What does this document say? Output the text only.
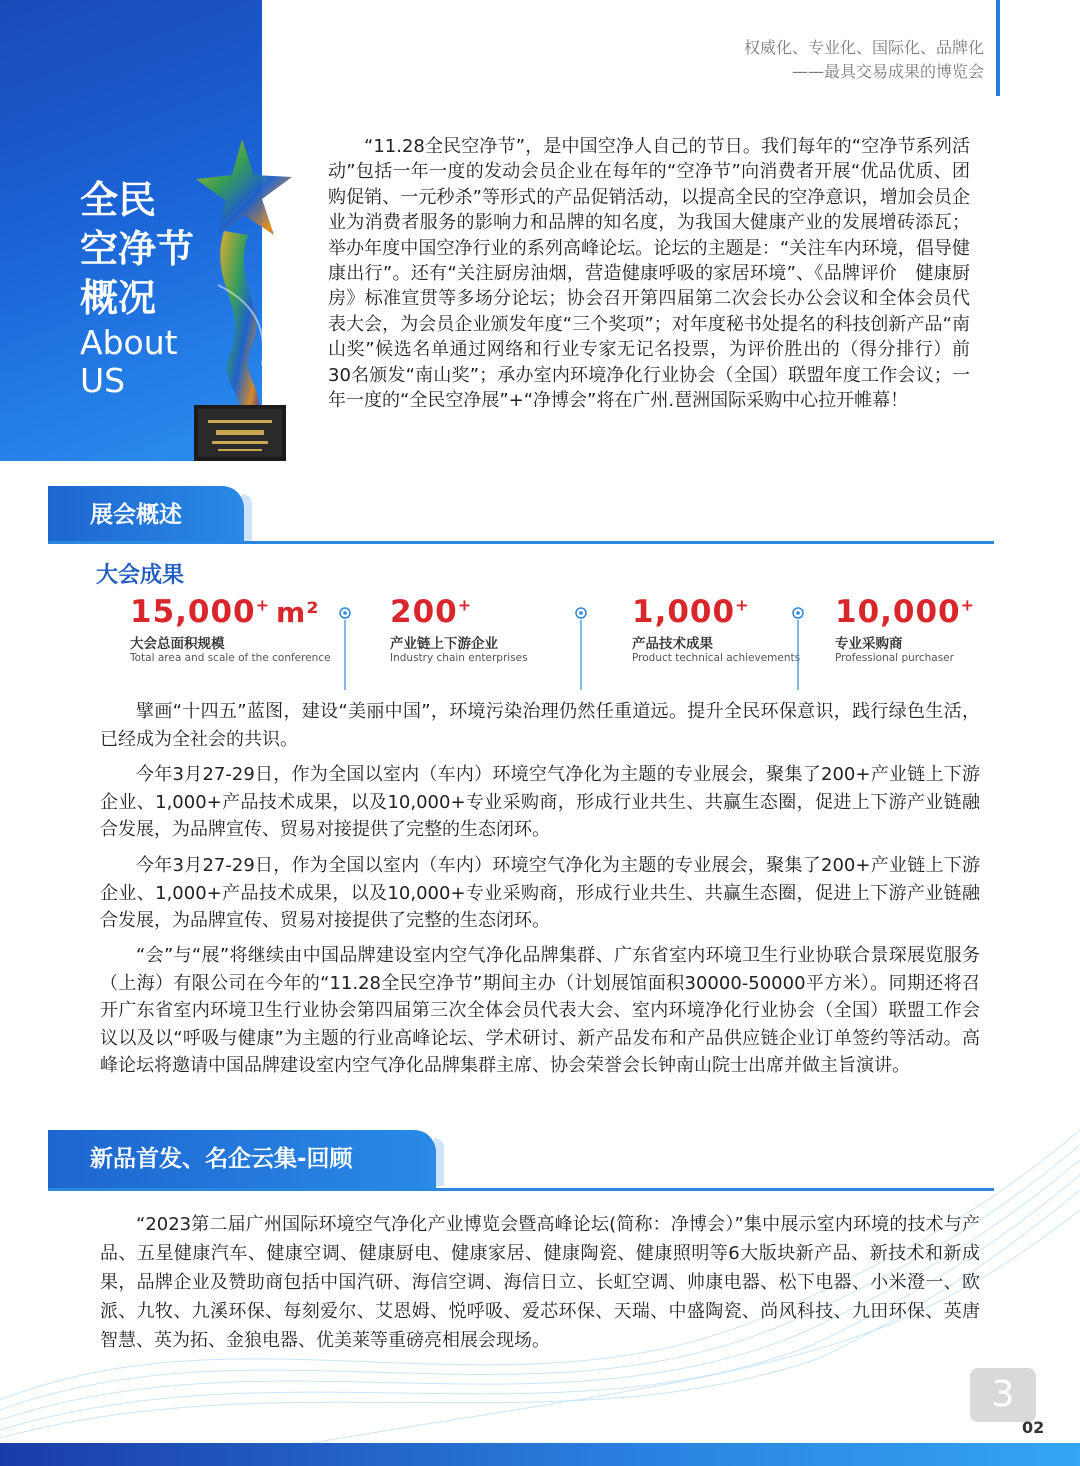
全民
空净节
概况
About
US
权威化、专业化、国际化、品牌化
——最具交易成果的博览会
“11.28全民空净节”，是中国空净人自己的节日。我们每年的“空净节系列活动”包括一年一度的发动会员企业在每年的“空净节”向消费者开展“优品优质、团购促销、一元秒杀”等形式的产品促销活动，以提高全民的空净意识，增加会员企业为消费者服务的影响力和品牌的知名度，为我国大健康产业的发展增砖添瓦；举办年度中国空净行业的系列高峰论坛。论坛的主题是：“关注车内环境，倡导健康出行”。还有“关注厨房油烟，营造健康呼吸的家居环境”、《品牌评价　健康厨房》标准宣贯等多场分论坛；协会召开第四届第二次会长办公会议和全体会员代表大会，为会员企业颁发年度“三个奖项”；对年度秘书处提名的科技创新产品“南山奖”候选名单通过网络和行业专家无记名投票，为评价胜出的（得分排行）前30名颁发“南山奖”；承办室内环境净化行业协会（全国）联盟年度工作会议；一年一度的“全民空净展”+“净博会”将在广州.琶洲国际采购中心拉开帷幕！
展会概述
大会成果
15,000+ m²
大会总面积规模
Total area and scale of the conference
200+
产业链上下游企业
Industry chain enterprises
1,000+
产品技术成果
Product technical achievements
10,000+
专业采购商
Professional purchaser
擘画“十四五”蓝图，建设“美丽中国”，环境污染治理仍然任重道远。提升全民环保意识，践行绿色生活，已经成为全社会的共识。
今年3月27-29日，作为全国以室内（车内）环境空气净化为主题的专业展会，聚集了200+产业链上下游企业、1,000+产品技术成果，以及10,000+专业采购商，形成行业共生、共赢生态圈，促进上下游产业链融合发展，为品牌宣传、贸易对接提供了完整的生态闭环。
今年3月27-29日，作为全国以室内（车内）环境空气净化为主题的专业展会，聚集了200+产业链上下游企业、1,000+产品技术成果，以及10,000+专业采购商，形成行业共生、共赢生态圈，促进上下游产业链融合发展，为品牌宣传、贸易对接提供了完整的生态闭环。
“会”与“展”将继续由中国品牌建设室内空气净化品牌集群、广东省室内环境卫生行业协联合景琛展览服务（上海）有限公司在今年的“11.28全民空净节”期间主办（计划展馆面积30000-50000平方米）。同期还将召开广东省室内环境卫生行业协会第四届第三次全体会员代表大会、室内环境净化行业协会（全国）联盟工作会议以及以“呼吸与健康”为主题的行业高峰论坛、学术研讨、新产品发布和产品供应链企业订单签约等活动。高峰论坛将邀请中国品牌建设室内空气净化品牌集群主席、协会荣誉会长钟南山院士出席并做主旨演讲。
新品首发、名企云集-回顾
“2023第二届广州国际环境空气净化产业博览会暨高峰论坛(简称：净博会）”集中展示室内环境的技术与产品、五星健康汽车、健康空调、健康厨电、健康家居、健康陶瓷、健康照明等6大版块新产品、新技术和新成果，品牌企业及赞助商包括中国汽研、海信空调、海信日立、长虹空调、帅康电器、松下电器、小米澄一、欧派、九牧、九溪环保、每刻爱尔、艾恩姆、悦呼吸、爱芯环保、天瑞、中盛陶瓷、尚风科技、九田环保、英唐智慧、英为拓、金狼电器、优美莱等重磅亮相展会现场。
3
02
